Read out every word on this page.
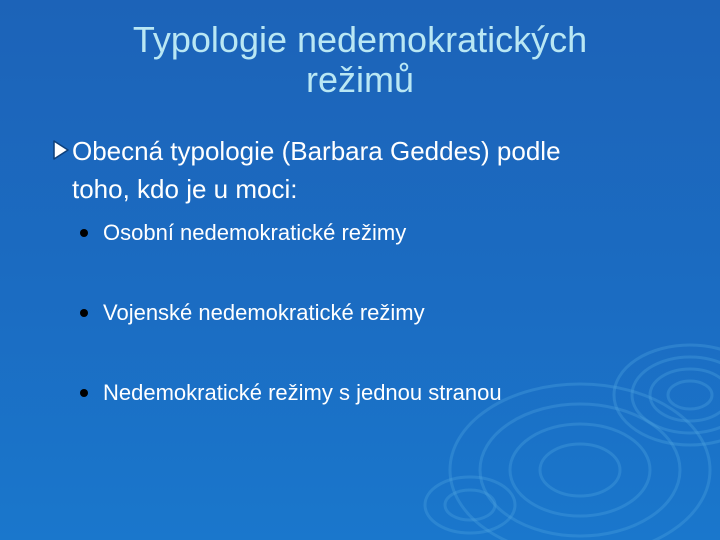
Typologie nedemokratických
režimů
Obecná typologie (Barbara Geddes) podle
toho, kdo je u moci:
Osobní nedemokratické režimy
Vojenské nedemokratické režimy
Nedemokratické režimy s jednou stranou
